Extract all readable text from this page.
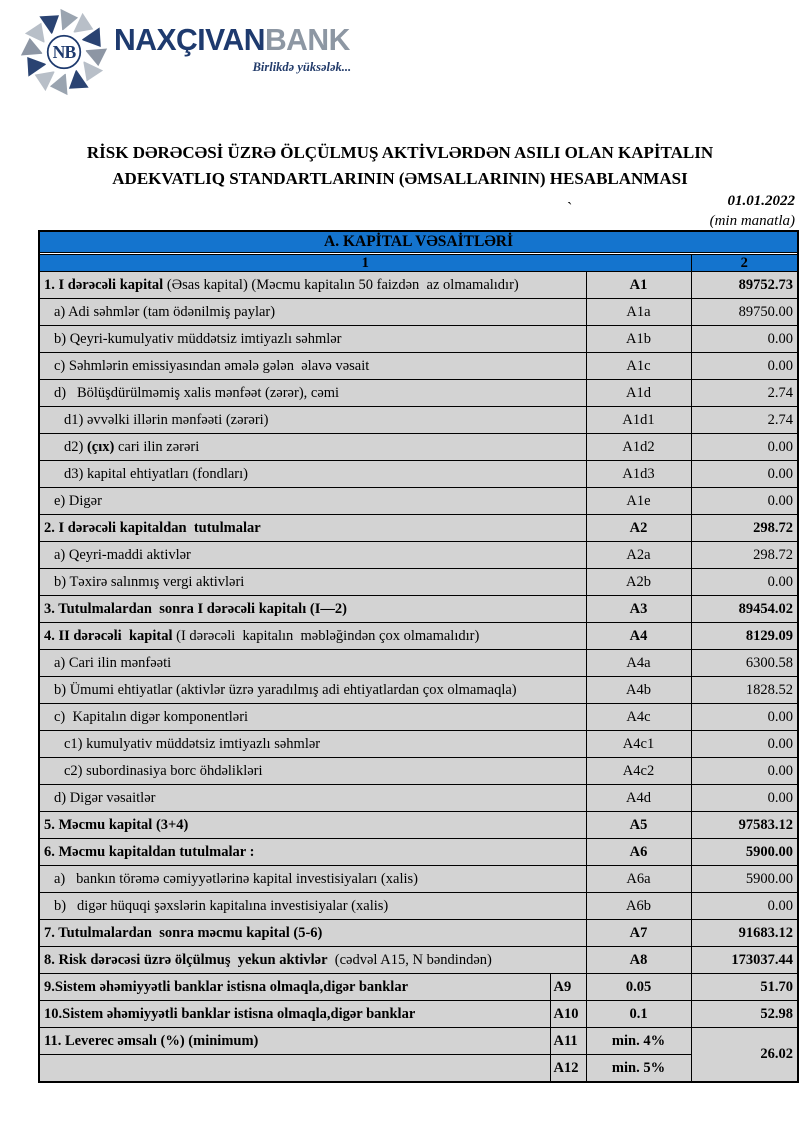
NB NAXÇIVANBANK
Birlikdə yüksələk...
RİSK DƏRƏCƏSİ ÜZRƏ ÖLÇÜLMUŞ AKTİVLƏRDƏN ASILI OLAN KAPİTALIN
ADEKVATLIQ STANDARTLARININ (ƏMSALLARININ) HESABLANMASI
01.01.2022
(min manatla)
`
A. KAPİTAL VƏSAİTLƏRİ			

1			2
1. I dərəcəli kapital (Əsas kapital) (Məcmu kapitalın 50 faizdən  az olmamalıdır)		A1	89752.73
a) Adi səhmlər (tam ödənilmiş paylar)		A1a	89750.00
b) Qeyri-kumulyativ müddətsiz imtiyazlı səhmlər		A1b	0.00
c) Səhmlərin emissiyasından əmələ gələn  əlavə vəsait		A1c	0.00
d)   Bölüşdürülməmiş xalis mənfəət (zərər), cəmi		A1d	2.74
d1) əvvəlki illərin mənfəəti (zərəri)		A1d1	2.74
d2) (çıx) cari ilin zərəri		A1d2	0.00
d3) kapital ehtiyatları (fondları)		A1d3	0.00
e) Digər		A1e	0.00
2. I dərəcəli kapitaldan  tutulmalar		A2	298.72
a) Qeyri-maddi aktivlər		A2a	298.72
b) Təxirə salınmış vergi aktivləri		A2b	0.00
3. Tutulmalardan  sonra I dərəcəli kapitalı (I—2)		A3	89454.02
4. II dərəcəli  kapital (I dərəcəli  kapitalın  məbləğindən çox olmamalıdır)		A4	8129.09
a) Cari ilin mənfəəti		A4a	6300.58
b) Ümumi ehtiyatlar (aktivlər üzrə yaradılmış adi ehtiyatlardan çox olmamaqla)		A4b	1828.52
c)  Kapitalın digər komponentləri		A4c	0.00
c1) kumulyativ müddətsiz imtiyazlı səhmlər		A4c1	0.00
c2) subordinasiya borc öhdəlikləri		A4c2	0.00
d) Digər vəsaitlər		A4d	0.00
5. Məcmu kapital (3+4)		A5	97583.12
6. Məcmu kapitaldan tutulmalar :		A6	5900.00
a)   bankın törəmə cəmiyyətlərinə kapital investisiyaları (xalis)		A6a	5900.00
b)   digər hüquqi şəxslərin kapitalına investisiyalar (xalis)		A6b	0.00
7. Tutulmalardan  sonra məcmu kapital (5-6)		A7	91683.12
8. Risk dərəcəsi üzrə ölçülmuş  yekun aktivlər  (cədvəl A15, N bəndindən)		A8	173037.44
9.Sistem əhəmiyyətli banklar istisna olmaqla,digər banklar	A9	0.05	51.70
10.Sistem əhəmiyyətli banklar istisna olmaqla,digər banklar	A10	0.1	52.98
11. Leverec əmsalı (%) (minimum)	A11	min. 4%	26.02
	A12	min. 5%	
